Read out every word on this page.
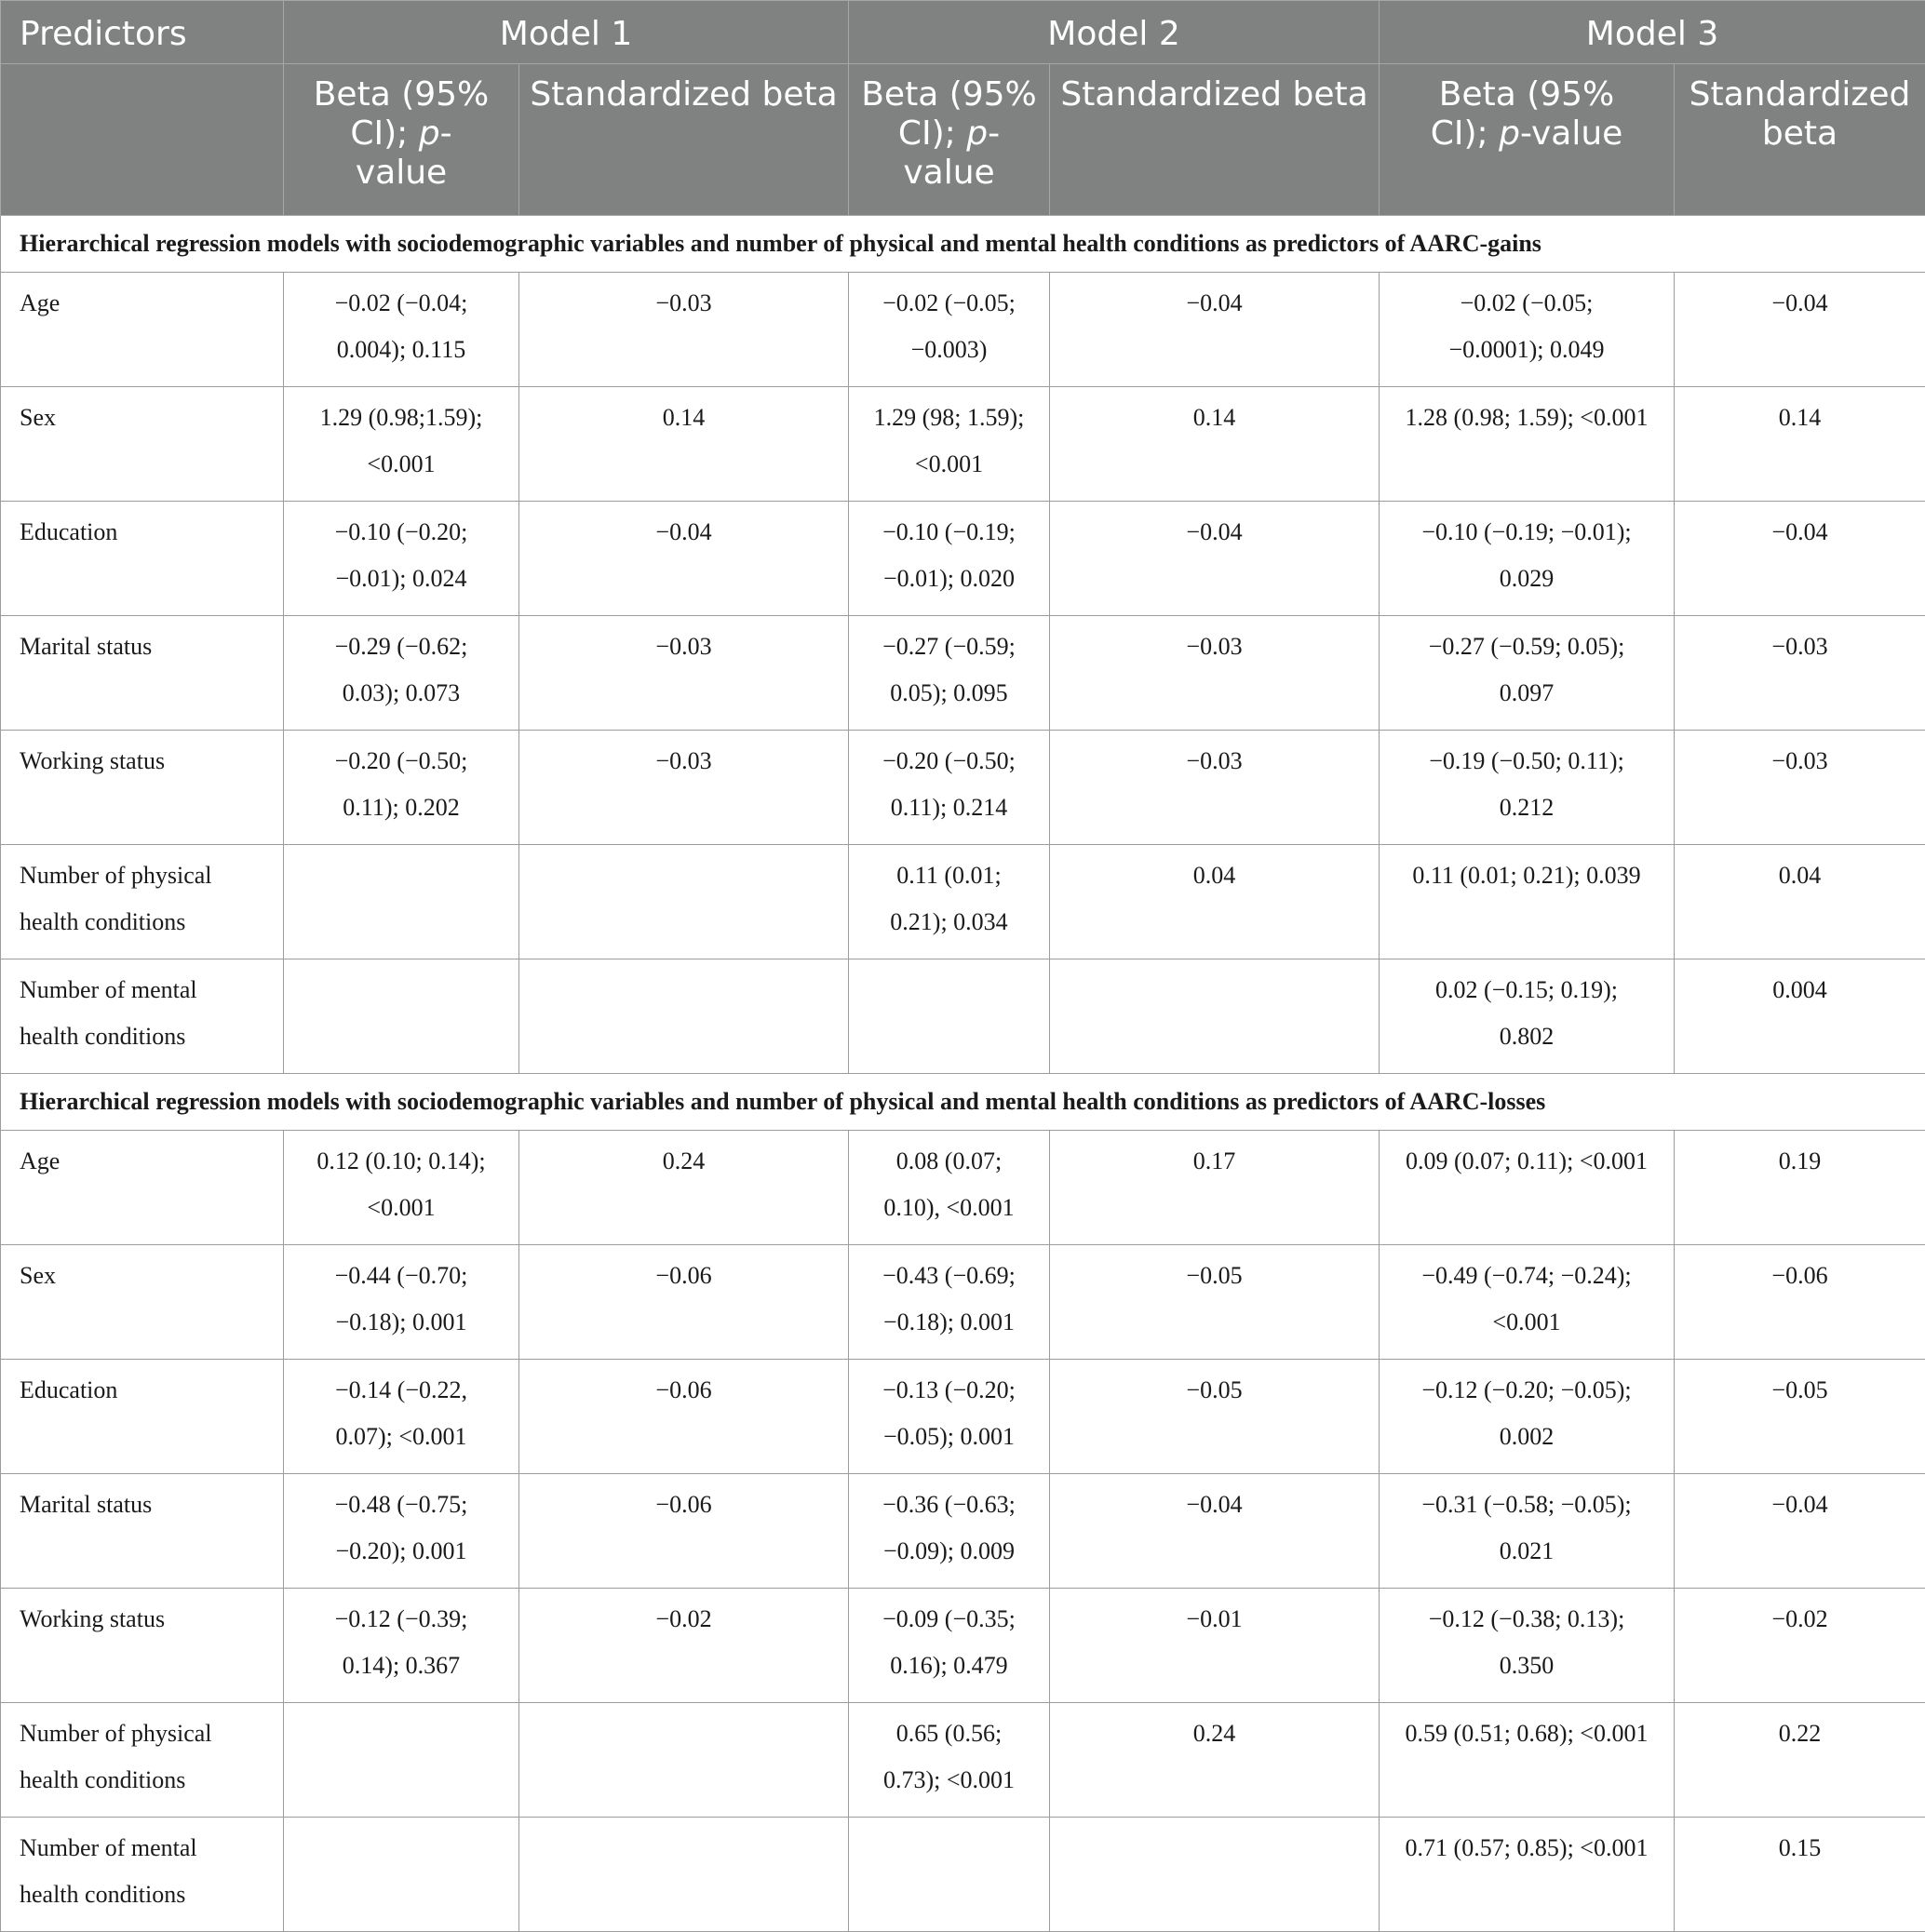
Predictors	Model 1		Model 2		Model 3	
	Beta (95% CI); p-value	Standardized beta	Beta (95% CI); p-value	Standardized beta	Beta (95% CI); p-value	Standardized beta
Hierarchical regression models with sociodemographic variables and number of physical and mental health conditions as predictors of AARC-gains						

Age	−0.02 (−0.04;
0.004); 0.115	−0.03	−0.02 (−0.05;
−0.003)	−0.04	−0.02 (−0.05;
−0.0001); 0.049	−0.04

Sex	1.29 (0.98;1.59);
<0.001	0.14	1.29 (98; 1.59);
<0.001	0.14	1.28 (0.98; 1.59); <0.001	0.14

Education	−0.10 (−0.20;
−0.01); 0.024	−0.04	−0.10 (−0.19;
−0.01); 0.020	−0.04	−0.10 (−0.19; −0.01);
0.029	−0.04

Marital status	−0.29 (−0.62;
0.03); 0.073	−0.03	−0.27 (−0.59;
0.05); 0.095	−0.03	−0.27 (−0.59; 0.05);
0.097	−0.03

Working status	−0.20 (−0.50;
0.11); 0.202	−0.03	−0.20 (−0.50;
0.11); 0.214	−0.03	−0.19 (−0.50; 0.11);
0.212	−0.03

Number of physical
health conditions			0.11 (0.01;
0.21); 0.034	0.04	0.11 (0.01; 0.21); 0.039	0.04

Number of mental
health conditions					0.02 (−0.15; 0.19);
0.802	0.004
Hierarchical regression models with sociodemographic variables and number of physical and mental health conditions as predictors of AARC-losses						

Age	0.12 (0.10; 0.14);
<0.001	0.24	0.08 (0.07;
0.10), <0.001	0.17	0.09 (0.07; 0.11); <0.001	0.19

Sex	−0.44 (−0.70;
−0.18); 0.001	−0.06	−0.43 (−0.69;
−0.18); 0.001	−0.05	−0.49 (−0.74; −0.24);
<0.001	−0.06

Education	−0.14 (−0.22,
0.07); <0.001	−0.06	−0.13 (−0.20;
−0.05); 0.001	−0.05	−0.12 (−0.20; −0.05);
0.002	−0.05

Marital status	−0.48 (−0.75;
−0.20); 0.001	−0.06	−0.36 (−0.63;
−0.09); 0.009	−0.04	−0.31 (−0.58; −0.05);
0.021	−0.04

Working status	−0.12 (−0.39;
0.14); 0.367	−0.02	−0.09 (−0.35;
0.16); 0.479	−0.01	−0.12 (−0.38; 0.13);
0.350	−0.02

Number of physical
health conditions			0.65 (0.56;
0.73); <0.001	0.24	0.59 (0.51; 0.68); <0.001	0.22

Number of mental
health conditions					0.71 (0.57; 0.85); <0.001	0.15
